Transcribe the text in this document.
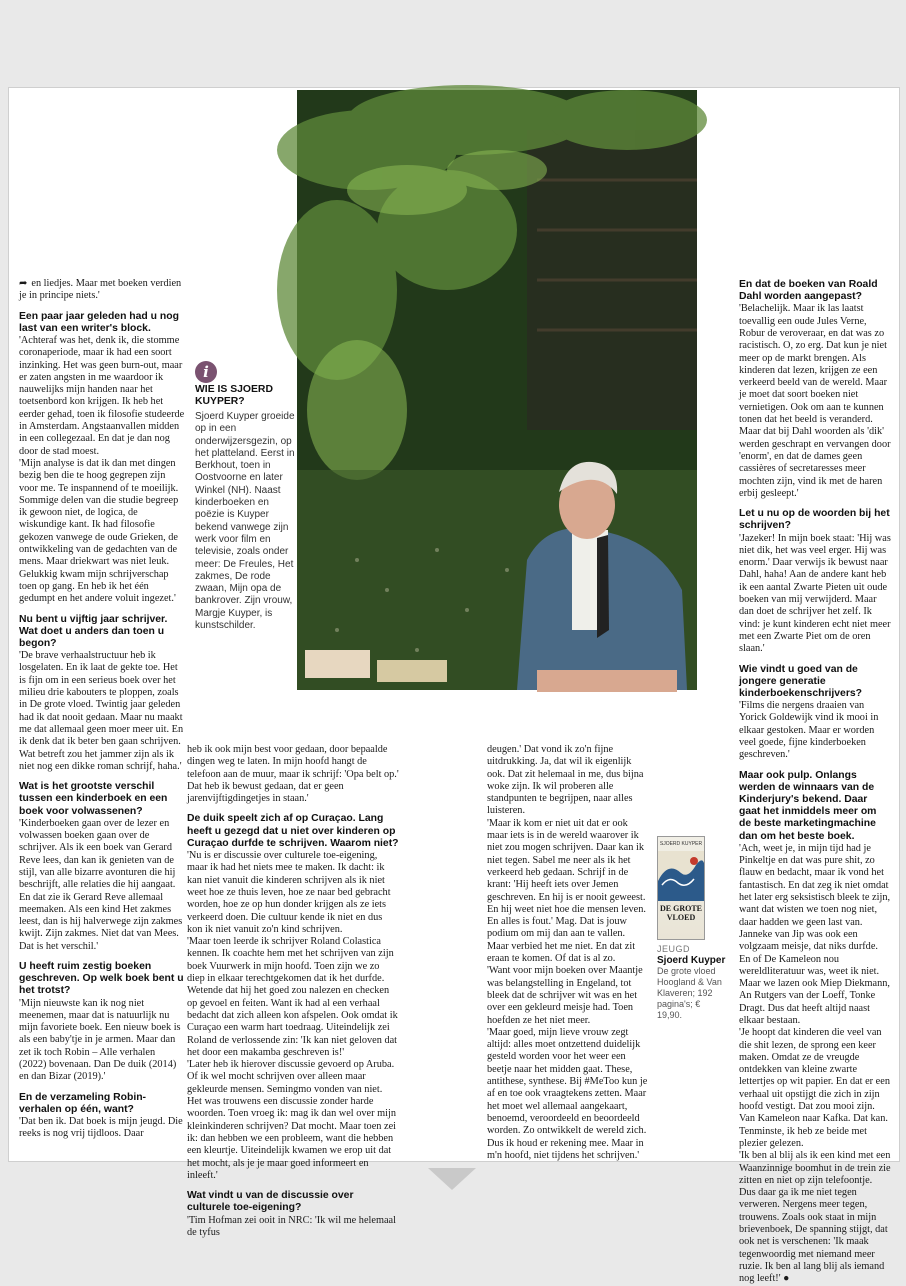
➦ en liedjes. Maar met boeken verdien je in principe niets.'

Een paar jaar geleden had u nog last van een writer's block.

'Achteraf was het, denk ik, die stomme coronaperiode, maar ik had een soort inzinking. Het was geen burn-out, maar er zaten angsten in me waardoor ik nauwelijks mijn handen naar het toetsenbord kon krijgen. Ik heb het eerder gehad, toen ik filosofie studeerde in Amsterdam. Angstaanvallen midden in een collegezaal. En dat je dan nog door de stad moest.

'Mijn analyse is dat ik dan met dingen bezig ben die te hoog gegrepen zijn voor me. Te inspannend of te moeilijk. Sommige delen van die studie begreep ik gewoon niet, de logica, de wiskundige kant. Ik had filosofie gekozen vanwege de oude Grieken, de ontwikkeling van de gedachten van de mens. Maar driekwart was niet leuk. Gelukkig kwam mijn schrijverschap toen op gang. En heb ik het één gedumpt en het andere voluit ingezet.'

Nu bent u vijftig jaar schrijver. Wat doet u anders dan toen u begon?

'De brave verhaalstructuur heb ik losgelaten. En ik laat de gekte toe. Het is fijn om in een serieus boek over het milieu drie kabouters te ploppen, zoals in De grote vloed. Twintig jaar geleden had ik dat nooit gedaan. Maar nu maakt me dat allemaal geen moer meer uit. En ik denk dat ik beter ben gaan schrijven. Wat betreft zou het jammer zijn als ik niet nog een dikke roman schrijf, haha.'

Wat is het grootste verschil tussen een kinderboek en een boek voor volwassenen?

'Kinderboeken gaan over de lezer en volwassen boeken gaan over de schrijver. Als ik een boek van Gerard Reve lees, dan kan ik genieten van de stijl, van alle bizarre avonturen die hij beschrijft, alle relaties die hij aangaat. En dat zie ik Gerard Reve allemaal meemaken. Als een kind Het zakmes leest, dan is hij halverwege zijn zakmes kwijt. Zijn zakmes. Niet dat van Mees. Dat is het verschil.'

U heeft ruim zestig boeken geschreven. Op welk boek bent u het trotst?

'Mijn nieuwste kan ik nog niet meenemen, maar dat is natuurlijk nu mijn favoriete boek. Een nieuw boek is als een baby'tje in je armen. Maar dan zet ik toch Robin – Alle verhalen (2022) bovenaan. Dan De duik (2014) en dan Bizar (2019).'

En de verzameling Robin-verhalen op één, want?

'Dat ben ik. Dat boek is mijn jeugd. Die reeks is nog vrij tijdloos. Daar

i
WIE IS SJOERD KUYPER?
Sjoerd Kuyper groeide op in een onderwijzersgezin, op het platteland. Eerst in Berkhout, toen in Oostvoorne en later Winkel (NH). Naast kinderboeken en poëzie is Kuyper bekend vanwege zijn werk voor film en televisie, zoals onder meer: De Freules, Het zakmes, De rode zwaan, Mijn opa de bankrover. Zijn vrouw, Margje Kuyper, is kunstschilder.

heb ik ook mijn best voor gedaan, door bepaalde dingen weg te laten. In mijn hoofd hangt de telefoon aan de muur, maar ik schrijf: 'Opa belt op.' Dat heb ik bewust gedaan, dat er geen jarenvijftigdingetjes in staan.'

De duik speelt zich af op Curaçao. Lang heeft u gezegd dat u niet over kinderen op Curaçao durfde te schrijven. Waarom niet?

'Nu is er discussie over culturele toe-eigening, maar ik had het niets mee te maken. Ik dacht: ik kan niet vanuit die kinderen schrijven als ik niet weet hoe ze thuis leven, hoe ze naar bed gebracht worden, hoe ze op hun donder krijgen als ze iets verkeerd doen. Die cultuur kende ik niet en dus kon ik niet vanuit zo'n kind schrijven.

'Maar toen leerde ik schrijver Roland Colastica kennen. Ik coachte hem met het schrijven van zijn boek Vuurwerk in mijn hoofd. Toen zijn we zo diep in elkaar terechtgekomen dat ik het durfde. Wetende dat hij het goed zou nalezen en checken op gevoel en feiten. Want ik had al een verhaal bedacht dat zich alleen kon afspelen. Ook omdat ik Curaçao een warm hart toedraag. Uiteindelijk zei Roland de verlossende zin: 'Ik kan niet geloven dat het door een makamba geschreven is!'

'Later heb ik hierover discussie gevoerd op Aruba. Of ik wel mocht schrijven over alleen maar gekleurde mensen. Semingmo vonden van niet. Het was trouwens een discussie zonder harde woorden. Toen vroeg ik: mag ik dan wel over mijn kleinkinderen schrijven? Dat mocht. Maar toen zei ik: dan hebben we een probleem, want die hebben een kleurtje. Uiteindelijk kwamen we erop uit dat het mocht, als je je maar goed informeert en inleeft.'

Wat vindt u van de discussie over culturele toe-eigening?

'Tim Hofman zei ooit in NRC: 'Ik wil me helemaal de tyfus

deugen.' Dat vond ik zo'n fijne uitdrukking. Ja, dat wil ik eigenlijk ook. Dat zit helemaal in me, dus bijna woke zijn. Ik wil proberen alle standpunten te begrijpen, naar alles luisteren.

'Maar ik kom er niet uit dat er ook maar iets is in de wereld waarover ik niet zou mogen schrijven. Daar kan ik niet tegen. Sabel me neer als ik het verkeerd heb gedaan. Schrijf in de krant: 'Hij heeft iets over Jemen geschreven. En hij is er nooit geweest. En hij weet niet hoe die mensen leven. En alles is fout.' Mag. Dat is jouw podium om mij dan aan te vallen. Maar verbied het me niet. En dat zit eraan te komen. Of dat is al zo.

'Want voor mijn boeken over Maantje was belangstelling in Engeland, tot bleek dat de schrijver wit was en het over een gekleurd meisje had. Toen hoefden ze het niet meer.

'Maar goed, mijn lieve vrouw zegt altijd: alles moet ontzettend duidelijk gesteld worden voor het weer een beetje naar het midden gaat. These, antithese, synthese. Bij #MeToo kun je af en toe ook vraagtekens zetten. Maar het moet wel allemaal aangekaart, benoemd, veroordeeld en beoordeeld worden. Zo ontwikkelt de wereld zich. Dus ik houd er rekening mee. Maar in m'n hoofd, niet tijdens het schrijven.'

SJOERD KUYPER
DE GROTE VLOED
JEUGD
Sjoerd Kuyper
De grote vloed Hoogland & Van Klaveren; 192 pagina's; € 19,90.

En dat de boeken van Roald Dahl worden aangepast?

'Belachelijk. Maar ik las laatst toevallig een oude Jules Verne, Robur de veroveraar, en dat was zo racistisch. O, zo erg. Dat kun je niet meer op de markt brengen. Als kinderen dat lezen, krijgen ze een verkeerd beeld van de wereld. Maar je moet dat soort boeken niet vernietigen. Ook om aan te kunnen tonen dat het beeld is veranderd. Maar dat bij Dahl woorden als 'dik' werden geschrapt en vervangen door 'enorm', en dat de dames geen cassières of secretaresses meer mochten zijn, vind ik met de haren erbij gesleept.'

Let u nu op de woorden bij het schrijven?

'Jazeker! In mijn boek staat: 'Hij was niet dik, het was veel erger. Hij was enorm.' Daar verwijs ik bewust naar Dahl, haha! Aan de andere kant heb ik een aantal Zwarte Pieten uit oude boeken van mij verwijderd. Maar dan doet de schrijver het zelf. Ik vind: je kunt kinderen echt niet meer met een Zwarte Piet om de oren slaan.'

Wie vindt u goed van de jongere generatie kinderboekenschrijvers?

'Films die nergens draaien van Yorick Goldewijk vind ik mooi in elkaar gestoken. Maar er worden veel goede, fijne kinderboeken geschreven.'

Maar ook pulp. Onlangs werden de winnaars van de Kinderjury's bekend. Daar gaat het inmiddels meer om de beste marketingmachine dan om het beste boek.

'Ach, weet je, in mijn tijd had je Pinkeltje en dat was pure shit, zo flauw en bedacht, maar ik vond het fantastisch. En dat zeg ik niet omdat het later erg seksistisch bleek te zijn, want dat wisten we toen nog niet, daar hadden we geen last van. Janneke van Jip was ook een volgzaam meisje, dat niks durfde. En of De Kameleon nou wereldliteratuur was, weet ik niet. Maar we lazen ook Miep Diekmann, An Rutgers van der Loeff, Tonke Dragt. Dus dat heeft altijd naast elkaar bestaan.

'Je hoopt dat kinderen die veel van die shit lezen, de sprong een keer maken. Omdat ze de vreugde ontdekken van kleine zwarte lettertjes op wit papier. En dat er een verhaal uit opstijgt die zich in zijn hoofd vestigt. Dat zou mooi zijn. Van Kameleon naar Kafka. Dat kan. Tenminste, ik heb ze beide met plezier gelezen.

'Ik ben al blij als ik een kind met een Waanzinnige boomhut in de trein zie zitten en niet op zijn telefoontje. Dus daar ga ik me niet tegen verweren. Nergens meer tegen, trouwens. Zoals ook staat in mijn brievenboek, De spanning stijgt, dat ook net is verschenen: 'Ik maak tegenwoordig met niemand meer ruzie. Ik ben al lang blij als iemand nog leeft!' ●
